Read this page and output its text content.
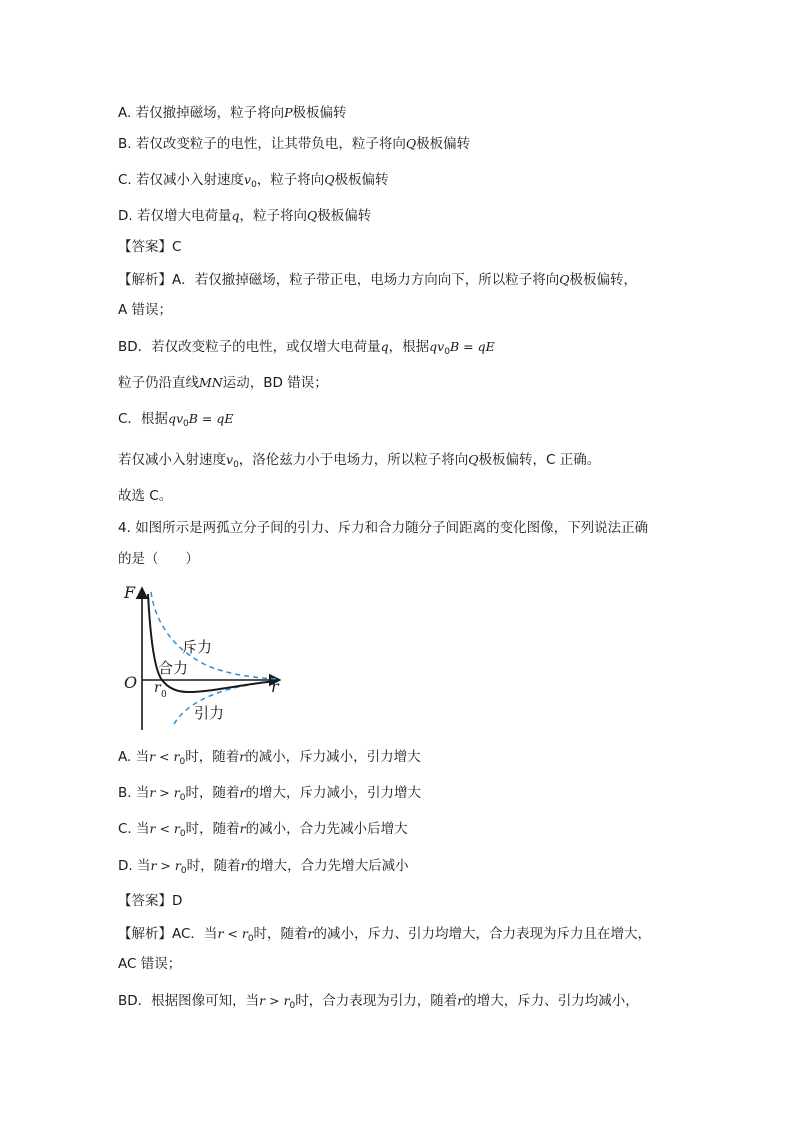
A. 若仅撤掉磁场，粒子将向P极板偏转
B. 若仅改变粒子的电性，让其带负电，粒子将向Q极板偏转
C. 若仅减小入射速度$v_0$，粒子将向Q极板偏转
D. 若仅增大电荷量q，粒子将向Q极板偏转
【答案】C
【解析】A．若仅撤掉磁场，粒子带正电，电场力方向向下，所以粒子将向Q极板偏转，
A 错误；
BD．若仅改变粒子的电性，或仅增大电荷量q，根据$qv_0B$ = qE
粒子仍沿直线MN运动，BD 错误；
C．根据$qv_0B$ = qE
若仅减小入射速度$v_0$，洛伦兹力小于电场力，所以粒子将向Q极板偏转，C 正确。
故选 C。
4. 如图所示是两孤立分子间的引力、斥力和合力随分子间距离的变化图像，下列说法正确
的是（　　）
F
r
O r 0
斥力
合力
引力
A. 当$r < r_0$时，随着r的减小，斥力减小，引力增大
B. 当$r > r_0$时，随着r的增大，斥力减小，引力增大
C. 当$r < r_0$时，随着r的减小，合力先减小后增大
D. 当$r > r_0$时，随着r的增大，合力先增大后减小
【答案】D
【解析】AC．当$r < r_0$时，随着r的减小，斥力、引力均增大，合力表现为斥力且在增大，
AC 错误；
BD．根据图像可知，当$r > r_0$时，合力表现为引力，随着r的增大，斥力、引力均减小，
